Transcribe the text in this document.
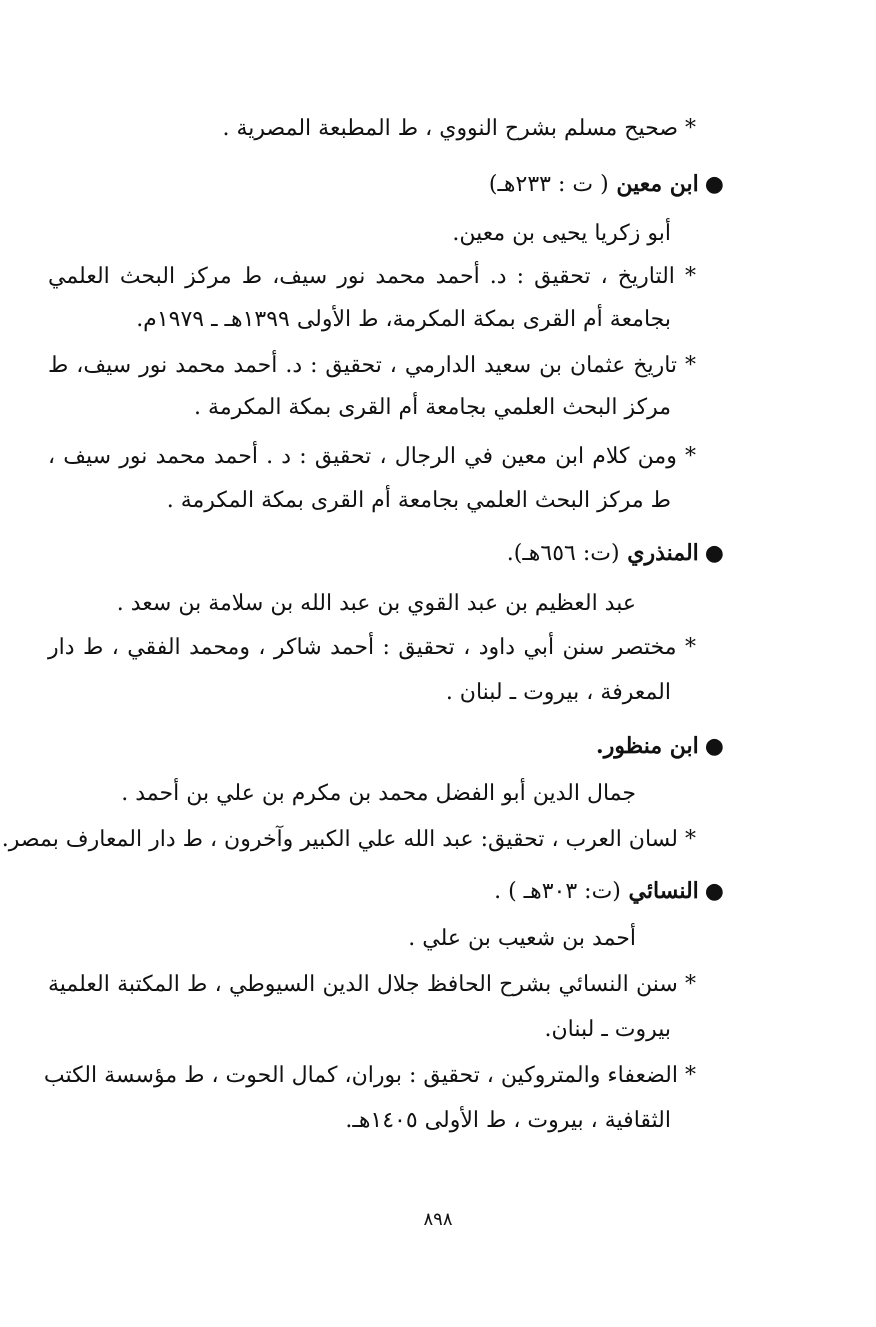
* صحيح مسلم بشرح النووي ، ط المطبعة المصرية .
●ابن معين ( ت : ٢٣٣هـ)
أبو زكريا يحيى بن معين.
* التاريخ ، تحقيق : د. أحمد محمد نور سيف، ط مركز البحث العلمي
بجامعة أم القرى بمكة المكرمة، ط الأولى ١٣٩٩هـ ـ ١٩٧٩م.
* تاريخ عثمان بن سعيد الدارمي ، تحقيق : د. أحمد محمد نور سيف، ط
مركز البحث العلمي بجامعة أم القرى بمكة المكرمة .
* ومن كلام ابن معين في الرجال ، تحقيق : د . أحمد محمد نور سيف ،
ط مركز البحث العلمي بجامعة أم القرى بمكة المكرمة .
●المنذري (ت: ٦٥٦هـ).
عبد العظيم بن عبد القوي بن عبد الله بن سلامة بن سعد .
* مختصر سنن أبي داود ، تحقيق : أحمد شاكر ، ومحمد الفقي ، ط دار
المعرفة ، بيروت ـ لبنان .
●ابن منظور.
جمال الدين أبو الفضل محمد بن مكرم بن علي بن أحمد .
* لسان العرب ، تحقيق: عبد الله علي الكبير وآخرون ، ط دار المعارف بمصر.
●النسائي (ت: ٣٠٣هـ ) .
أحمد بن شعيب بن علي .
* سنن النسائي بشرح الحافظ جلال الدين السيوطي ، ط المكتبة العلمية
بيروت ـ لبنان.
* الضعفاء والمتروكين ، تحقيق : بوران، كمال الحوت ، ط مؤسسة الكتب
الثقافية ، بيروت ، ط الأولى ١٤٠٥هـ.
٨٩٨
